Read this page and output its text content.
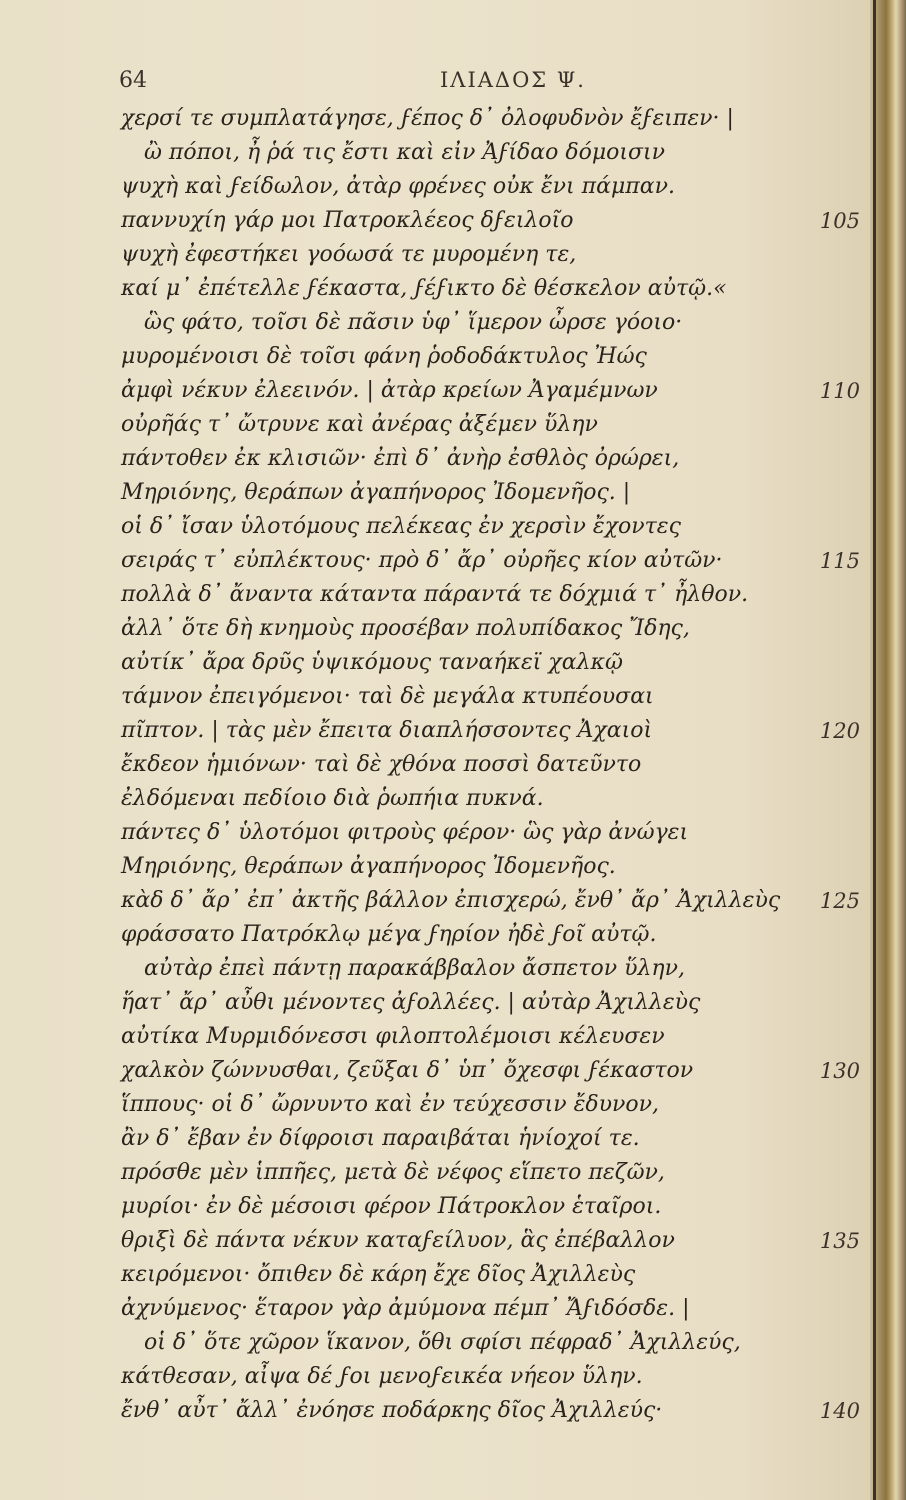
64	ΙΛΙΑΔΟΣ Ψ.
χερσί τε συμπλατάγησε, ϝέπος δ᾽ ὀλοφυδνὸν ἔϝειπεν· |
ὢ πόποι, ἦ ῥά τις ἔστι καὶ εἰν Ἀϝίδαο δόμοισιν
ψυχὴ καὶ ϝείδωλον, ἀτὰρ φρένες οὐκ ἔνι πάμπαν.
παννυχίη γάρ μοι Πατροκλέεος δϝειλοῖο	105
ψυχὴ ἐφεστήκει γοόωσά τε μυρομένη τε,
καί μ᾽ ἐπέτελλε ϝέκαστα, ϝέϝικτο δὲ θέσκελον αὐτῷ.«
ὣς φάτο, τοῖσι δὲ πᾶσιν ὑφ᾽ ἵμερον ὦρσε γόοιο·
μυρομένοισι δὲ τοῖσι φάνη ῥοδοδάκτυλος Ἠώς
ἀμφὶ νέκυν ἐλεεινόν. | ἀτὰρ κρείων Ἀγαμέμνων	110
οὐρῆάς τ᾽ ὤτρυνε καὶ ἀνέρας ἀξέμεν ὕλην
πάντοθεν ἐκ κλισιῶν· ἐπὶ δ᾽ ἀνὴρ ἐσθλὸς ὀρώρει,
Μηριόνης, θεράπων ἀγαπήνορος Ἰδομενῆος. |
οἱ δ᾽ ἴσαν ὑλοτόμους πελέκεας ἐν χερσὶν ἔχοντες
σειράς τ᾽ εὐπλέκτους· πρὸ δ᾽ ἄρ᾽ οὐρῆες κίον αὐτῶν·	115
πολλὰ δ᾽ ἄναντα κάταντα πάραντά τε δόχμιά τ᾽ ἦλθον.
ἀλλ᾽ ὅτε δὴ κνημοὺς προσέβαν πολυπίδακος Ἴδης,
αὐτίκ᾽ ἄρα δρῦς ὑψικόμους ταναήκεϊ χαλκῷ
τάμνον ἐπειγόμενοι· ταὶ δὲ μεγάλα κτυπέουσαι
πῖπτον. | τὰς μὲν ἔπειτα διαπλήσσοντες Ἀχαιοὶ	120
ἔκδεον ἡμιόνων· ταὶ δὲ χθόνα ποσσὶ δατεῦντο
ἐλδόμεναι πεδίοιο διὰ ῥωπήια πυκνά.
πάντες δ᾽ ὑλοτόμοι φιτροὺς φέρον· ὣς γὰρ ἀνώγει
Μηριόνης, θεράπων ἀγαπήνορος Ἰδομενῆος.
κὰδ δ᾽ ἄρ᾽ ἐπ᾽ ἀκτῆς βάλλον ἐπισχερώ, ἔνθ᾽ ἄρ᾽ Ἀχιλλεὺς 125
φράσσατο Πατρόκλῳ μέγα ϝηρίον ἠδὲ ϝοῖ αὐτῷ.
αὐτὰρ ἐπεὶ πάντῃ παρακάββαλον ἄσπετον ὕλην,
ἥατ᾽ ἄρ᾽ αὖθι μένοντες ἀϝολλέες. | αὐτὰρ Ἀχιλλεὺς
αὐτίκα Μυρμιδόνεσσι φιλοπτολέμοισι κέλευσεν
χαλκὸν ζώννυσθαι, ζεῦξαι δ᾽ ὑπ᾽ ὄχεσφι ϝέκαστον	130
ἵππους· οἱ δ᾽ ὤρνυντο καὶ ἐν τεύχεσσιν ἔδυνον,
ἂν δ᾽ ἔβαν ἐν δίφροισι παραιβάται ἡνίοχοί τε.
πρόσθε μὲν ἱππῆες, μετὰ δὲ νέφος εἵπετο πεζῶν,
μυρίοι· ἐν δὲ μέσοισι φέρον Πάτροκλον ἑταῖροι.
θριξὶ δὲ πάντα νέκυν καταϝείλυον, ἃς ἐπέβαλλον	135
κειρόμενοι· ὄπιθεν δὲ κάρη ἔχε δῖος Ἀχιλλεὺς
ἀχνύμενος· ἕταρον γὰρ ἀμύμονα πέμπ᾽ Ἄϝιδόσδε. |
οἱ δ᾽ ὅτε χῶρον ἵκανον, ὅθι σφίσι πέφραδ᾽ Ἀχιλλεύς,
κάτθεσαν, αἶψα δέ ϝοι μενοϝεικέα νήεον ὕλην.
ἔνθ᾽ αὖτ᾽ ἄλλ᾽ ἐνόησε ποδάρκης δῖος Ἀχιλλεύς·	140
